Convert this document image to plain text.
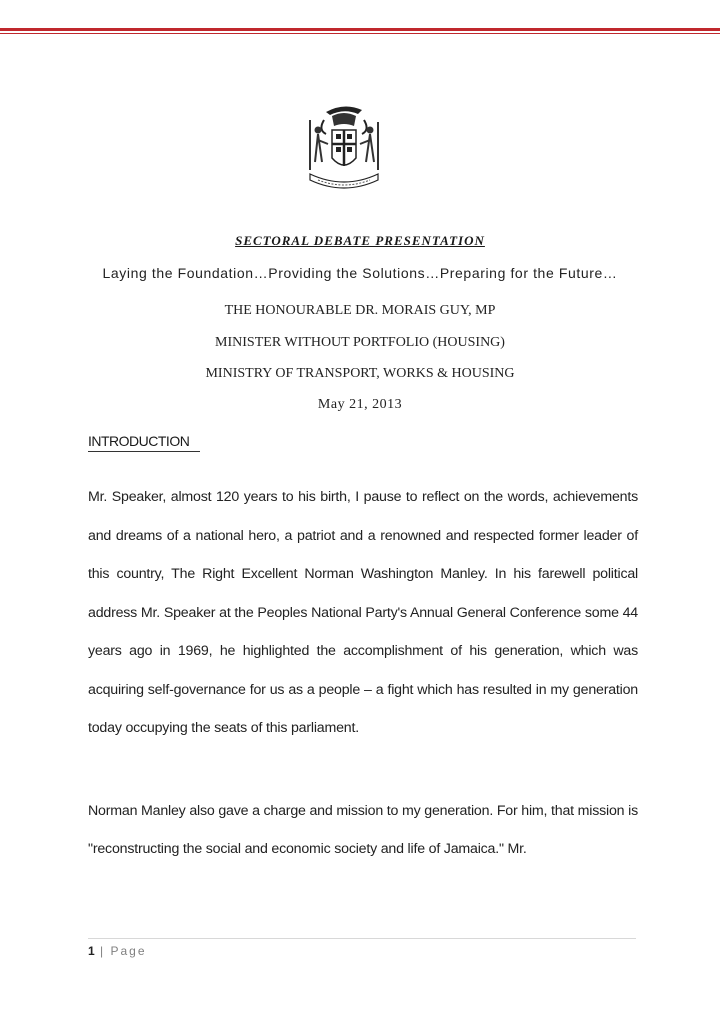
SECTORAL DEBATE PRESENTATION
Laying the Foundation…Providing the Solutions…Preparing for the Future…
THE HONOURABLE DR. MORAIS GUY, MP
MINISTER WITHOUT PORTFOLIO (HOUSING)
MINISTRY OF TRANSPORT, WORKS & HOUSING
May 21, 2013
INTRODUCTION

Mr. Speaker, almost 120 years to his birth, I pause to reflect on the words, achievements and dreams of a national hero, a patriot and a renowned and respected former leader of this country, The Right Excellent Norman Washington Manley. In his farewell political address Mr. Speaker at the Peoples National Party's Annual General Conference some 44 years ago in 1969, he highlighted the accomplishment of his generation, which was acquiring self-governance for us as a people – a fight which has resulted in my generation today occupying the seats of this parliament.

Norman Manley also gave a charge and mission to my generation. For him, that mission is "reconstructing the social and economic society and life of Jamaica." Mr.

1 | Page
